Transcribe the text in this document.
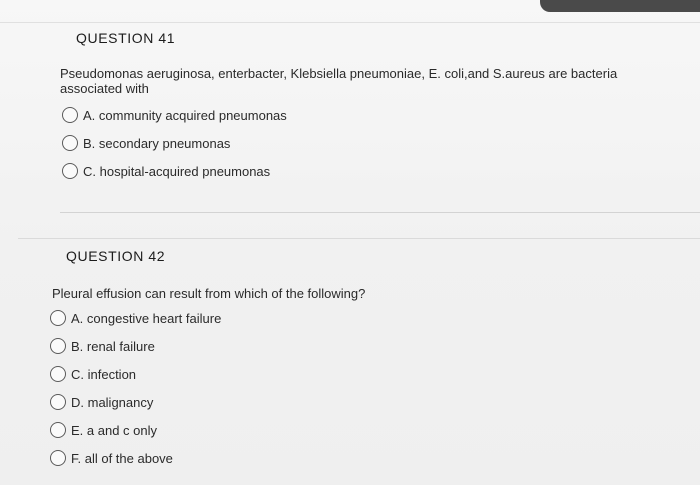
QUESTION 41
Pseudomonas aeruginosa, enterbacter, Klebsiella pneumoniae, E. coli,and S.aureus are bacteria associated with
A. community acquired pneumonas
B. secondary pneumonas
C. hospital-acquired pneumonas
QUESTION 42
Pleural effusion can result from which of the following?
A. congestive heart failure
B. renal failure
C. infection
D. malignancy
E. a and c only
F. all of the above
